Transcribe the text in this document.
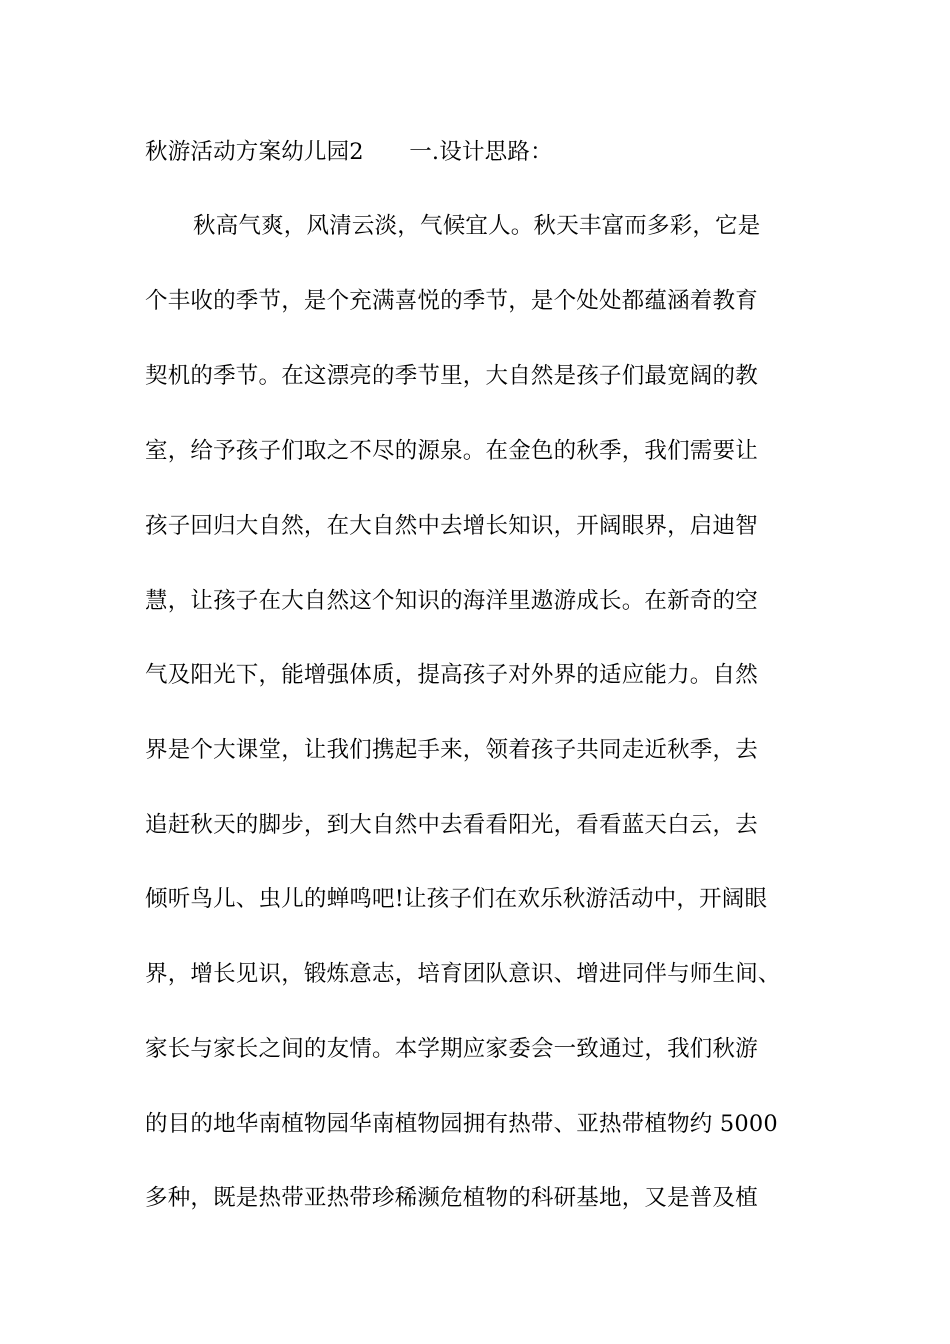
秋游活动方案幼儿园2　　一.设计思路：
秋高气爽，风清云淡，气候宜人。秋天丰富而多彩，它是
个丰收的季节，是个充满喜悦的季节，是个处处都蕴涵着教育
契机的季节。在这漂亮的季节里，大自然是孩子们最宽阔的教
室，给予孩子们取之不尽的源泉。在金色的秋季，我们需要让
孩子回归大自然，在大自然中去增长知识，开阔眼界，启迪智
慧，让孩子在大自然这个知识的海洋里遨游成长。在新奇的空
气及阳光下，能增强体质，提高孩子对外界的适应能力。自然
界是个大课堂，让我们携起手来，领着孩子共同走近秋季，去
追赶秋天的脚步，到大自然中去看看阳光，看看蓝天白云，去
倾听鸟儿、虫儿的蝉鸣吧!让孩子们在欢乐秋游活动中，开阔眼
界，增长见识，锻炼意志，培育团队意识、增进同伴与师生间、
家长与家长之间的友情。本学期应家委会一致通过，我们秋游
的目的地华南植物园华南植物园拥有热带、亚热带植物约 5000
多种，既是热带亚热带珍稀濒危植物的科研基地，又是普及植
